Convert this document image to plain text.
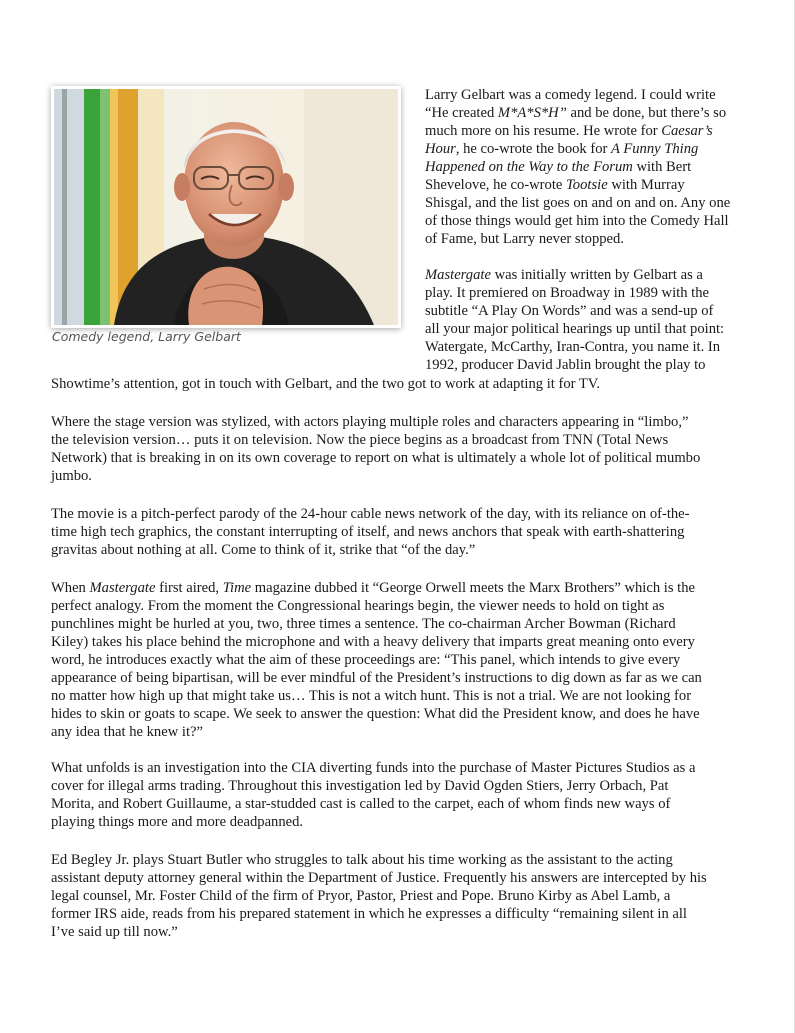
Comedy legend, Larry Gelbart
Larry Gelbart was a comedy legend. I could write
“He created M*A*S*H” and be done, but there’s so
much more on his resume. He wrote for Caesar’s
Hour, he co-wrote the book for A Funny Thing
Happened on the Way to the Forum with Bert
Shevelove, he co-wrote Tootsie with Murray
Shisgal, and the list goes on and on and on. Any one
of those things would get him into the Comedy Hall
of Fame, but Larry never stopped.
Mastergate was initially written by Gelbart as a
play. It premiered on Broadway in 1989 with the
subtitle “A Play On Words” and was a send-up of
all your major political hearings up until that point:
Watergate, McCarthy, Iran-Contra, you name it. In
1992, producer David Jablin brought the play to
Showtime’s attention, got in touch with Gelbart, and the two got to work at adapting it for TV.
Where the stage version was stylized, with actors playing multiple roles and characters appearing in “limbo,”
the television version… puts it on television. Now the piece begins as a broadcast from TNN (Total News
Network) that is breaking in on its own coverage to report on what is ultimately a whole lot of political mumbo
jumbo.
The movie is a pitch-perfect parody of the 24-hour cable news network of the day, with its reliance on of-the-
time high tech graphics, the constant interrupting of itself, and news anchors that speak with earth-shattering
gravitas about nothing at all. Come to think of it, strike that “of the day.”
When Mastergate first aired, Time magazine dubbed it “George Orwell meets the Marx Brothers” which is the
perfect analogy. From the moment the Congressional hearings begin, the viewer needs to hold on tight as
punchlines might be hurled at you, two, three times a sentence. The co-chairman Archer Bowman (Richard
Kiley) takes his place behind the microphone and with a heavy delivery that imparts great meaning onto every
word, he introduces exactly what the aim of these proceedings are: “This panel, which intends to give every
appearance of being bipartisan, will be ever mindful of the President’s instructions to dig down as far as we can
no matter how high up that might take us… This is not a witch hunt. This is not a trial. We are not looking for
hides to skin or goats to scape. We seek to answer the question: What did the President know, and does he have
any idea that he knew it?”
What unfolds is an investigation into the CIA diverting funds into the purchase of Master Pictures Studios as a
cover for illegal arms trading. Throughout this investigation led by David Ogden Stiers, Jerry Orbach, Pat
Morita, and Robert Guillaume, a star-studded cast is called to the carpet, each of whom finds new ways of
playing things more and more deadpanned.
Ed Begley Jr. plays Stuart Butler who struggles to talk about his time working as the assistant to the acting
assistant deputy attorney general within the Department of Justice. Frequently his answers are intercepted by his
legal counsel, Mr. Foster Child of the firm of Pryor, Pastor, Priest and Pope. Bruno Kirby as Abel Lamb, a
former IRS aide, reads from his prepared statement in which he expresses a difficulty “remaining silent in all
I’ve said up till now.”
